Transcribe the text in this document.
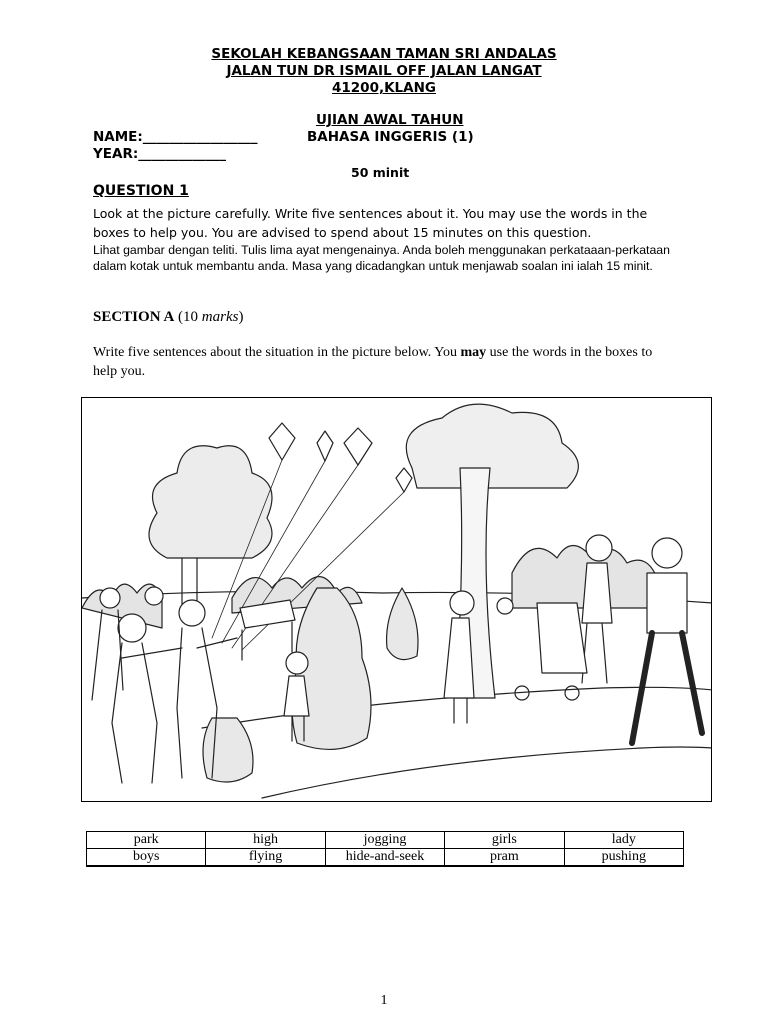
SEKOLAH KEBANGSAAN TAMAN SRI ANDALAS
JALAN TUN DR ISMAIL OFF JALAN LANGAT
41200,KLANG
UJIAN AWAL TAHUN
NAME:_________________	BAHASA INGGERIS (1)
YEAR:_____________
50 minit
QUESTION 1
Look at the picture carefully. Write five sentences about it. You may use the words in the boxes to help you. You are advised to spend about 15 minutes on this question.
Lihat gambar dengan teliti. Tulis lima ayat mengenainya. Anda boleh menggunakan perkataaan-perkataan dalam kotak untuk membantu anda. Masa yang dicadangkan untuk menjawab soalan ini ialah 15 minit.
SECTION A (10 marks)
Write five sentences about the situation in the picture below. You may use the words in the boxes to help you.
park	high	jogging	girls	lady
boys	flying	hide-and-seek	pram	pushing
1
